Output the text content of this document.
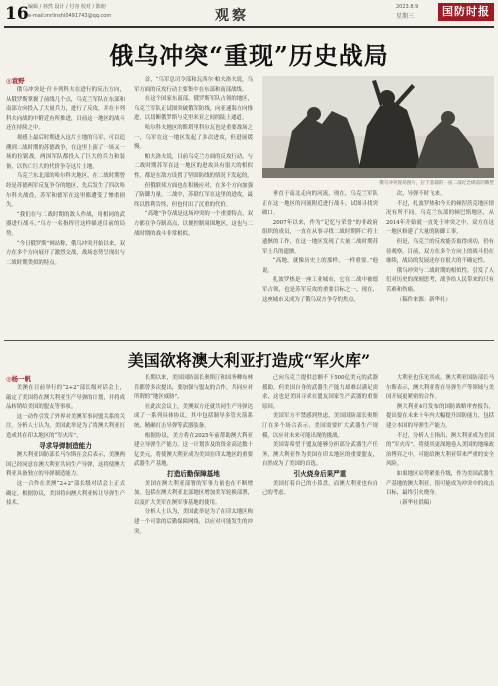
16 编辑 / 林然 设计 / 付容 校对 / 陈朋
e-mail:mrlinshi0491743@qq.com	观察
2023.8.9
星期三	国防时报
俄乌冲突“重现”历史战局
◎袁野

俄乌冲突是·什卡列科夫在进行的反击方向，从俄罗斯掌握了前线几个点，乌克兰军队在东部和南部方向投入了大量兵力，进行了反攻，并在卡列科夫向战的中附近有所推进，目前这一地区的战斗还在持续之中。

观感上最后时期进入这片土地的乌军，可以追溯到二战时期的苏德战争，在这里上演了一场又一场的拉锯战。两国军队都投入了巨大的兵力和装备，以伤亡巨大的代价争夺这片土地。

乌克兰东北部的哈尔科夫地区，在二战时期曾经是苏德两军反复争夺的地区，先后发生了四次哈尔科夫战役，苏军和德军在这里都遭受了惨重损失。

“我们在与二战时期的敌人作战，用相同的武器进行战斗。”乌方一名指挥官这样描述目前的局势。

“今日俄罗斯”网站称，俄乌冲突开始以来，双方在多个方向展开了激烈交战，战场态势呈现出与二战时期类似的特点。

首，“乌军总司令部和瓦西尔·帕夫洛夫说，乌军方面的反攻行动主要集中在东部和南部战线。

在这个国家东南部，俄罗斯军队占领的地区，乌克兰军队正试图突破俄军防线，向亚速海方向推进，以切断俄罗斯与克里米亚之间的陆上通道。

哈尔科夫地区的斯塔里科尔瓦也是重要战场之一，乌军在这一地区发起了多次进攻，但进展缓慢。

帕夫洛夫说，目前乌克兰方面的反攻行动，与二战时期苏军在这一地区的进攻具有很大的相似性，都是在敌方设置了坚固防线的情况下发起的。

但俄联邦方面也在积极应对，在多个方向加强了防御力量。二战中，苏联红军在这里的进攻，最终以胜利告终，但也付出了沉重的代价。

“高地”争夺战是这场冲突的一个重要特点，双方都在争夺制高点，以便控制周围地区，这也与二战时期的战斗非常相似。

俄乌冲突现场图片，位于基辅的一座二战纪念碑前的雕塑

垂直于南北走向的河流，现在，乌克兰军队正在这一地区的河流附近进行战斗，试图寻找突破口。

2007年以来，作为“记忆与荣誉”的非政府组织的成员，一直在从事寻找二战时期阵亡将士遗骸的工作，在这一地区发现了大量二战时期苏军士兵的遗骸。

“高地，就像历史上的那样，一样重要。”他说。

扎波罗热是一座工业城市，它在二战中被德军占领，也是苏军反攻的重要目标之一，现在，这座城市又成为了俄乌双方争夺的焦点。

次，导弹不时飞来。

不过，扎波罗热和今天的顿涅茨克地区情况有所不同。乌克兰东部的顿巴斯地区，从2014年开始就一直处于冲突之中，双方在这一地区修建了大量的防御工事。

但是，乌克兰的反攻能否取得成功，仍有待观察。目前，双方在多个方向上的战斗仍在继续，战局的发展还存在很大的不确定性。

俄乌冲突与二战时期的相似性，引发了人们对历史的深刻思考，战争给人民带来的只有苦难和伤痛。

（稿件来源：新华社）

美国欲将澳大利亚打造成“军火库”
◎杨一帆

美澳在日前举行的“2+2”部长级对话会上，敲定了美国将在澳大利亚生产导弹的计划，并将成品转销给美国的盟友等事项。

这一动作引发了外界对美澳军事同盟关系的关注。分析人士认为，美国此举是为了将澳大利亚打造成其在印太地区的“军火库”。

寻求导弹制造能力

澳大利亚国防部长马尔斯在会后表示，美澳两国已经同意在澳大利亚共同生产导弹，这将使澳大利亚具备独立的导弹制造能力。

这一合作在美澳“2+2”部长级对话会上正式确定。根据协议，美国将向澳大利亚转让导弹生产技术。

长期以来，美国国防部长奥斯汀和国务卿布林肯都曾多次提出，要加强与盟友的合作，共同应对所谓的“地区威胁”。

在此次会议上，美澳双方还就共同生产导弹达成了一系列具体协议，其中包括制导多管火箭系统、精确打击导弹等武器装备。

根据协议，美方将在2025年前帮助澳大利亚建立导弹生产能力，这一计划涉及的资金高达数十亿美元，将使澳大利亚成为美国在印太地区的重要武器生产基地。

打造后勤保障基地

美国在澳大利亚部署的军事力量也在不断增加，包括在澳大利亚北部地区增加美军轮换部署，以及扩大美军在澳军事基地的使用。

分析人士认为，美国此举是为了在印太地区构建一个可靠的后勤保障网络，以应对可能发生的冲突。

己向乌克兰提供总额不下500亿美元的武器援助，但美国自身的武器生产能力却难以满足需求，这也是美国寻求在盟友国家生产武器的重要原因。

美国军方不禁感到焦虑，美国国防部长奥斯汀在多个场合表示，美国需要扩大武器生产规模，以应对未来可能出现的挑战。

美国寄希望于盟友能够分担部分武器生产任务，澳大利亚作为美国在印太地区的重要盟友，自然成为了美国的首选。

引火烧身后果严重

美国打着自己的小算盘，而澳大利亚也有自己的考虑。

大利亚也乐见其成。澳大利亚国防部长马尔斯表示，澳大利亚将在导弹生产等领域与美国开展更紧密的合作。

澳大利亚4月发布的国防战略审查报告，提出要在未来十年内大幅提升国防能力，包括建立本国的导弹生产能力。

不过，分析人士指出，澳大利亚成为美国的“军火库”，将使其更深地卷入美国的地缘政治博弈之中，可能给澳大利亚带来严重的安全风险。

如果地区局势紧张升级，作为美国武器生产基地的澳大利亚，很可能成为冲突中的攻击目标，最终引火烧身。

（新华社供稿）
